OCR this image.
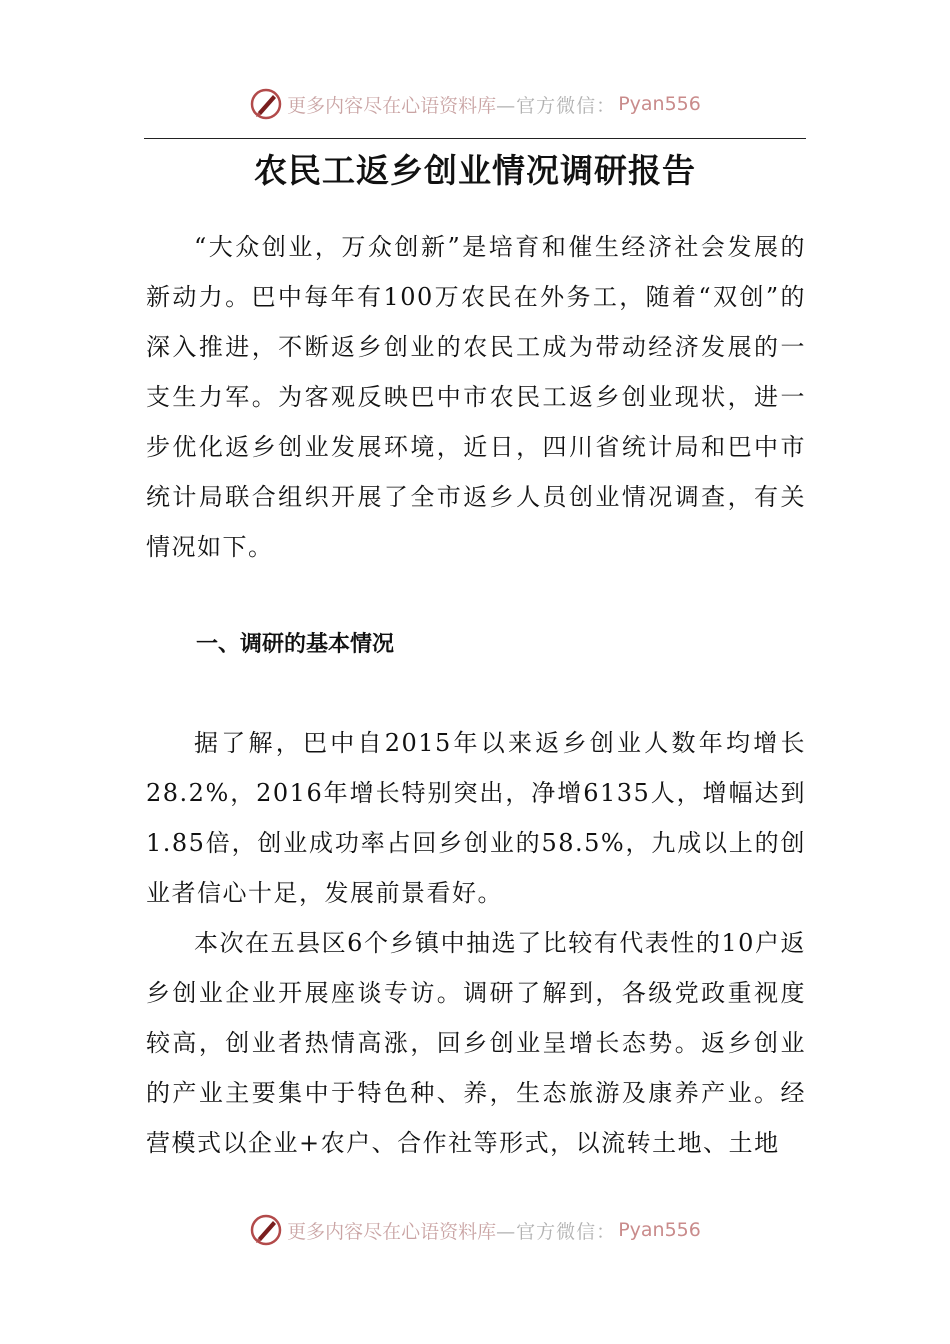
更多内容尽在心语资料库 —官方微信： Pyan556
农民工返乡创业情况调研报告

“大众创业，万众创新”是培育和催生经济社会发展的新动力。巴中每年有100万农民在外务工，随着“双创”的深入推进，不断返乡创业的农民工成为带动经济发展的一支生力军。为客观反映巴中市农民工返乡创业现状，进一步优化返乡创业发展环境，近日，四川省统计局和巴中市统计局联合组织开展了全市返乡人员创业情况调查，有关情况如下。

一、调研的基本情况

据了解，巴中自2015年以来返乡创业人数年均增长28.2%，2016年增长特别突出，净增6135人，增幅达到1.85倍，创业成功率占回乡创业的58.5%，九成以上的创业者信心十足，发展前景看好。

本次在五县区6个乡镇中抽选了比较有代表性的10户返乡创业企业开展座谈专访。调研了解到，各级党政重视度较高，创业者热情高涨，回乡创业呈增长态势。返乡创业的产业主要集中于特色种、养，生态旅游及康养产业。经营模式以企业+农户、合作社等形式，以流转土地、土地

更多内容尽在心语资料库 —官方微信： Pyan556
